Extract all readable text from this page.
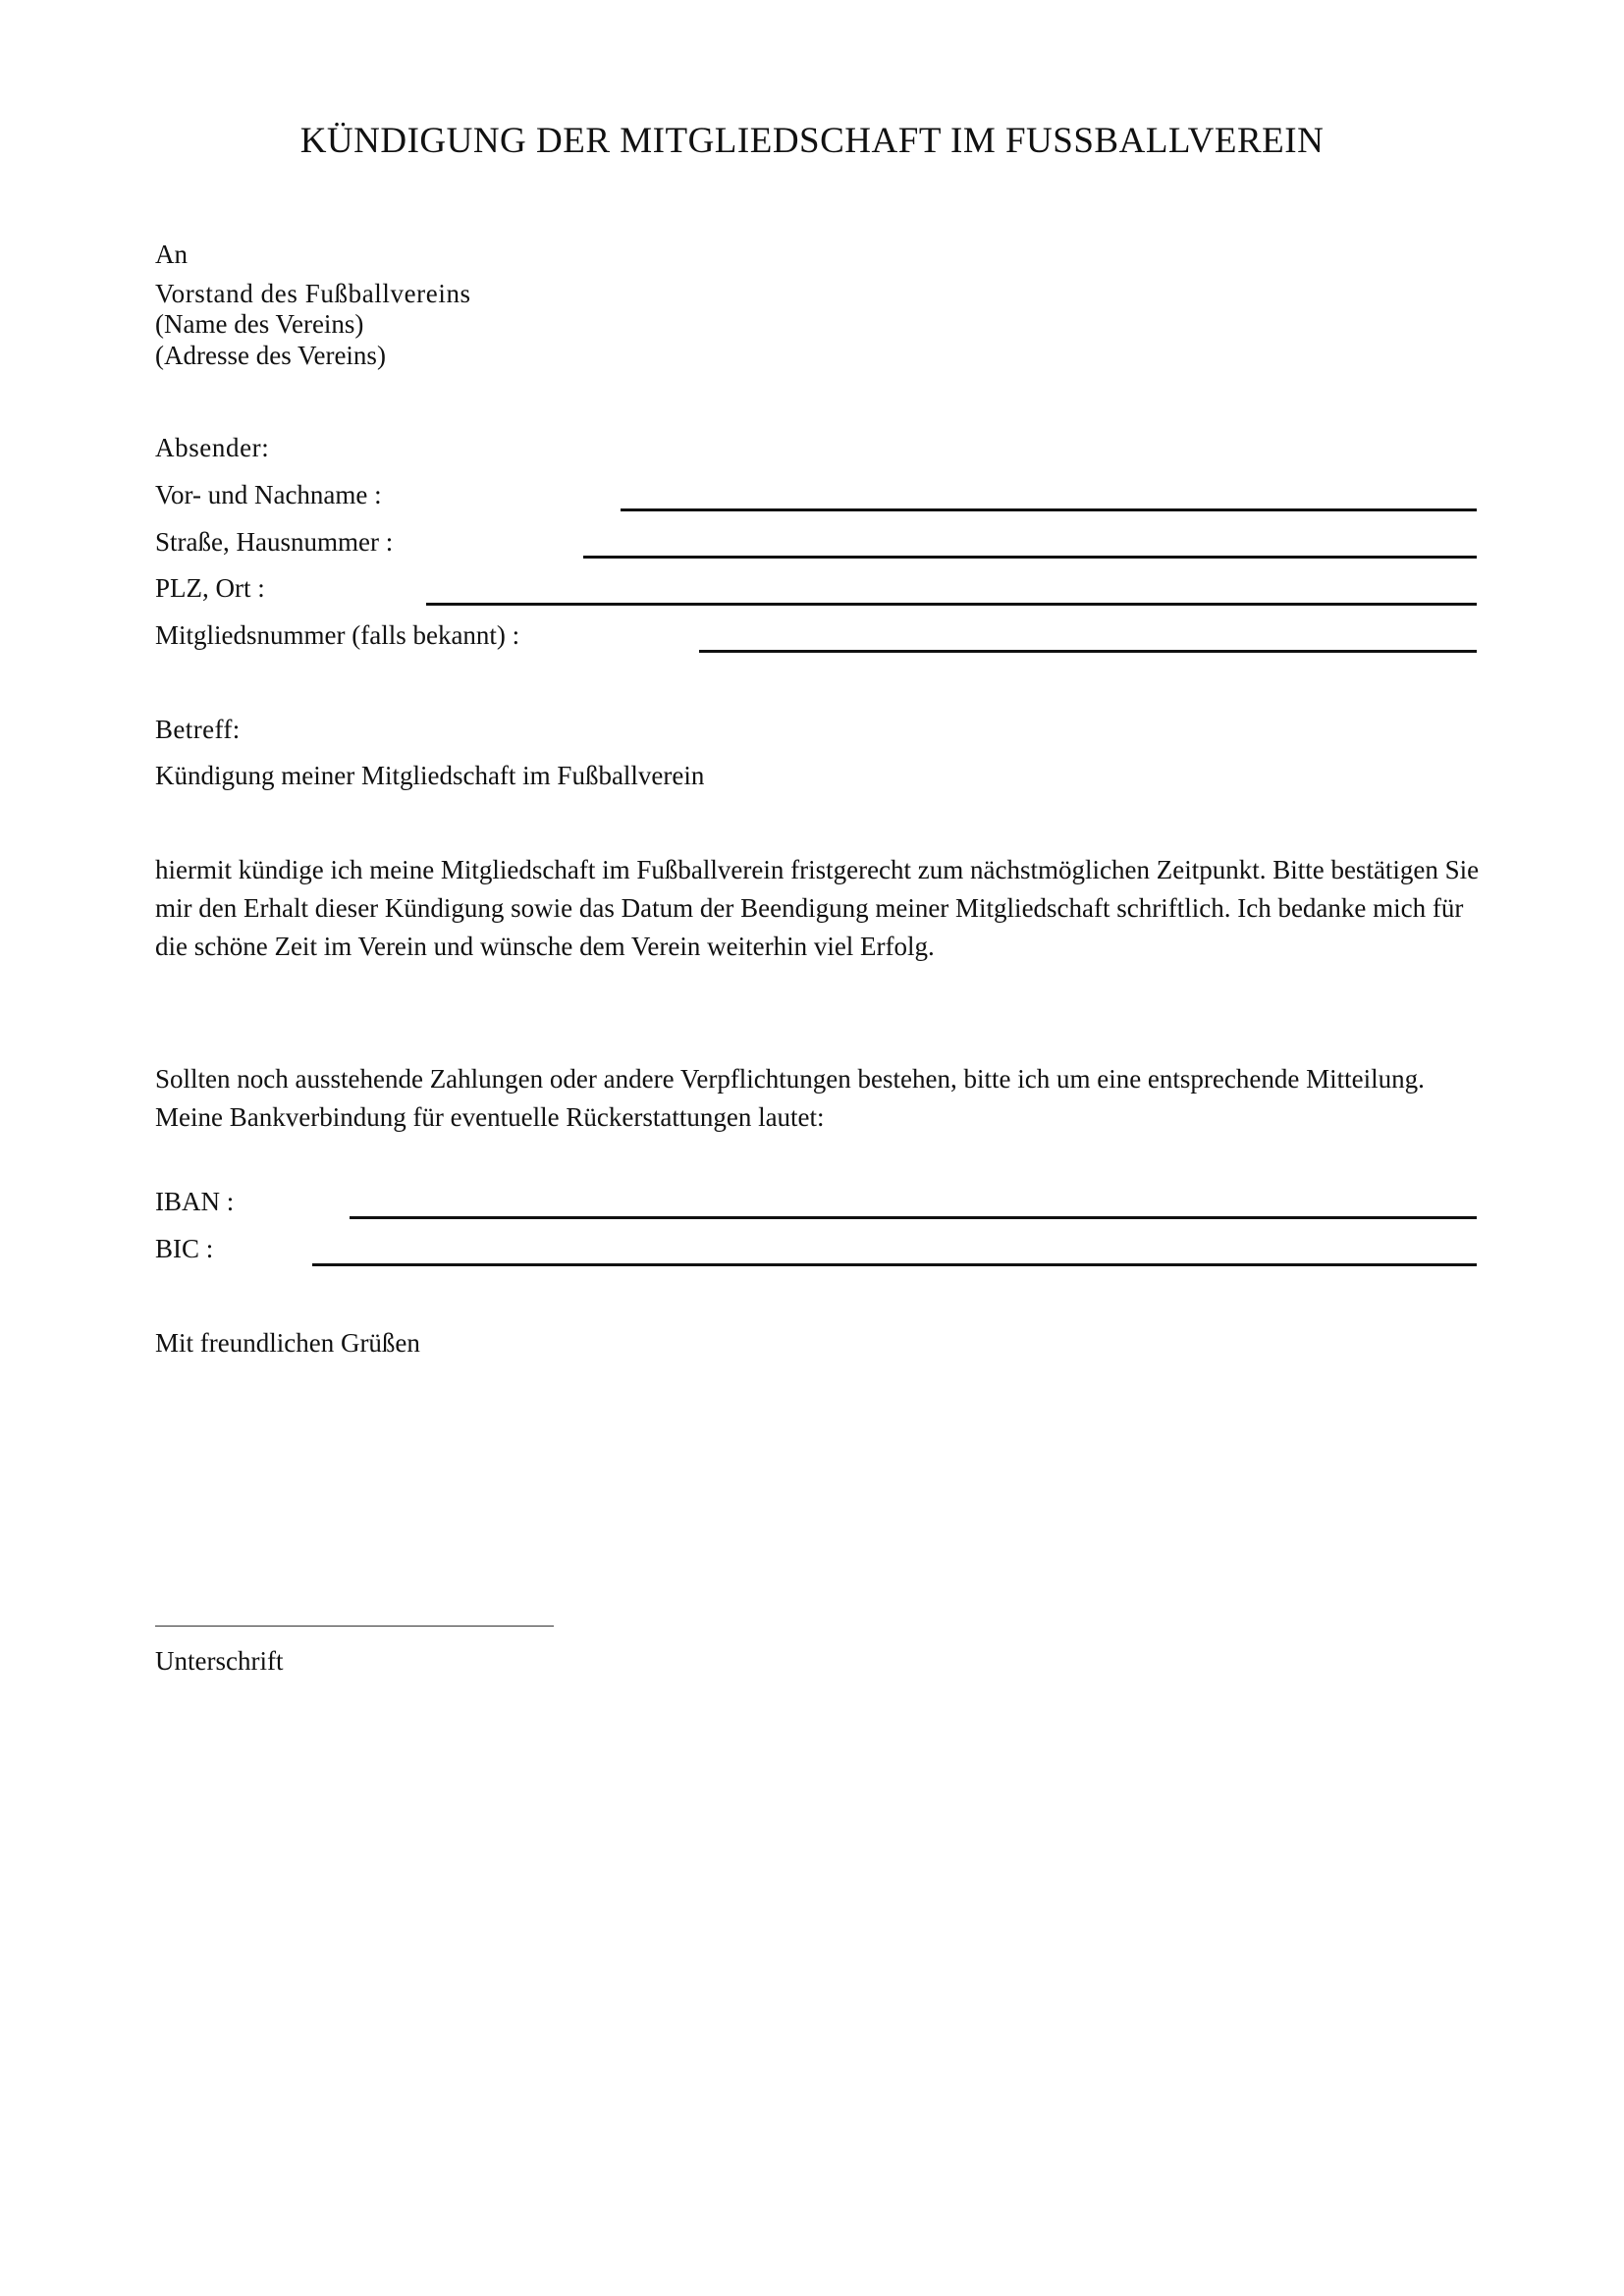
KÜNDIGUNG DER MITGLIEDSCHAFT IM FUSSBALLVEREIN
An
Vorstand des Fußballvereins
(Name des Vereins)
(Adresse des Vereins)
Absender:
Vor- und Nachname :
Straße, Hausnummer :
PLZ, Ort :
Mitgliedsnummer (falls bekannt) :
Betreff:
Kündigung meiner Mitgliedschaft im Fußballverein

hiermit kündige ich meine Mitgliedschaft im Fußballverein fristgerecht zum nächstmöglichen Zeitpunkt. Bitte bestätigen Sie mir den Erhalt dieser Kündigung sowie das Datum der Beendigung meiner Mitgliedschaft schriftlich. Ich bedanke mich für die schöne Zeit im Verein und wünsche dem Verein weiterhin viel Erfolg.

Sollten noch ausstehende Zahlungen oder andere Verpflichtungen bestehen, bitte ich um eine entsprechende Mitteilung. Meine Bankverbindung für eventuelle Rückerstattungen lautet:

IBAN :
BIC :
Mit freundlichen Grüßen
Unterschrift
